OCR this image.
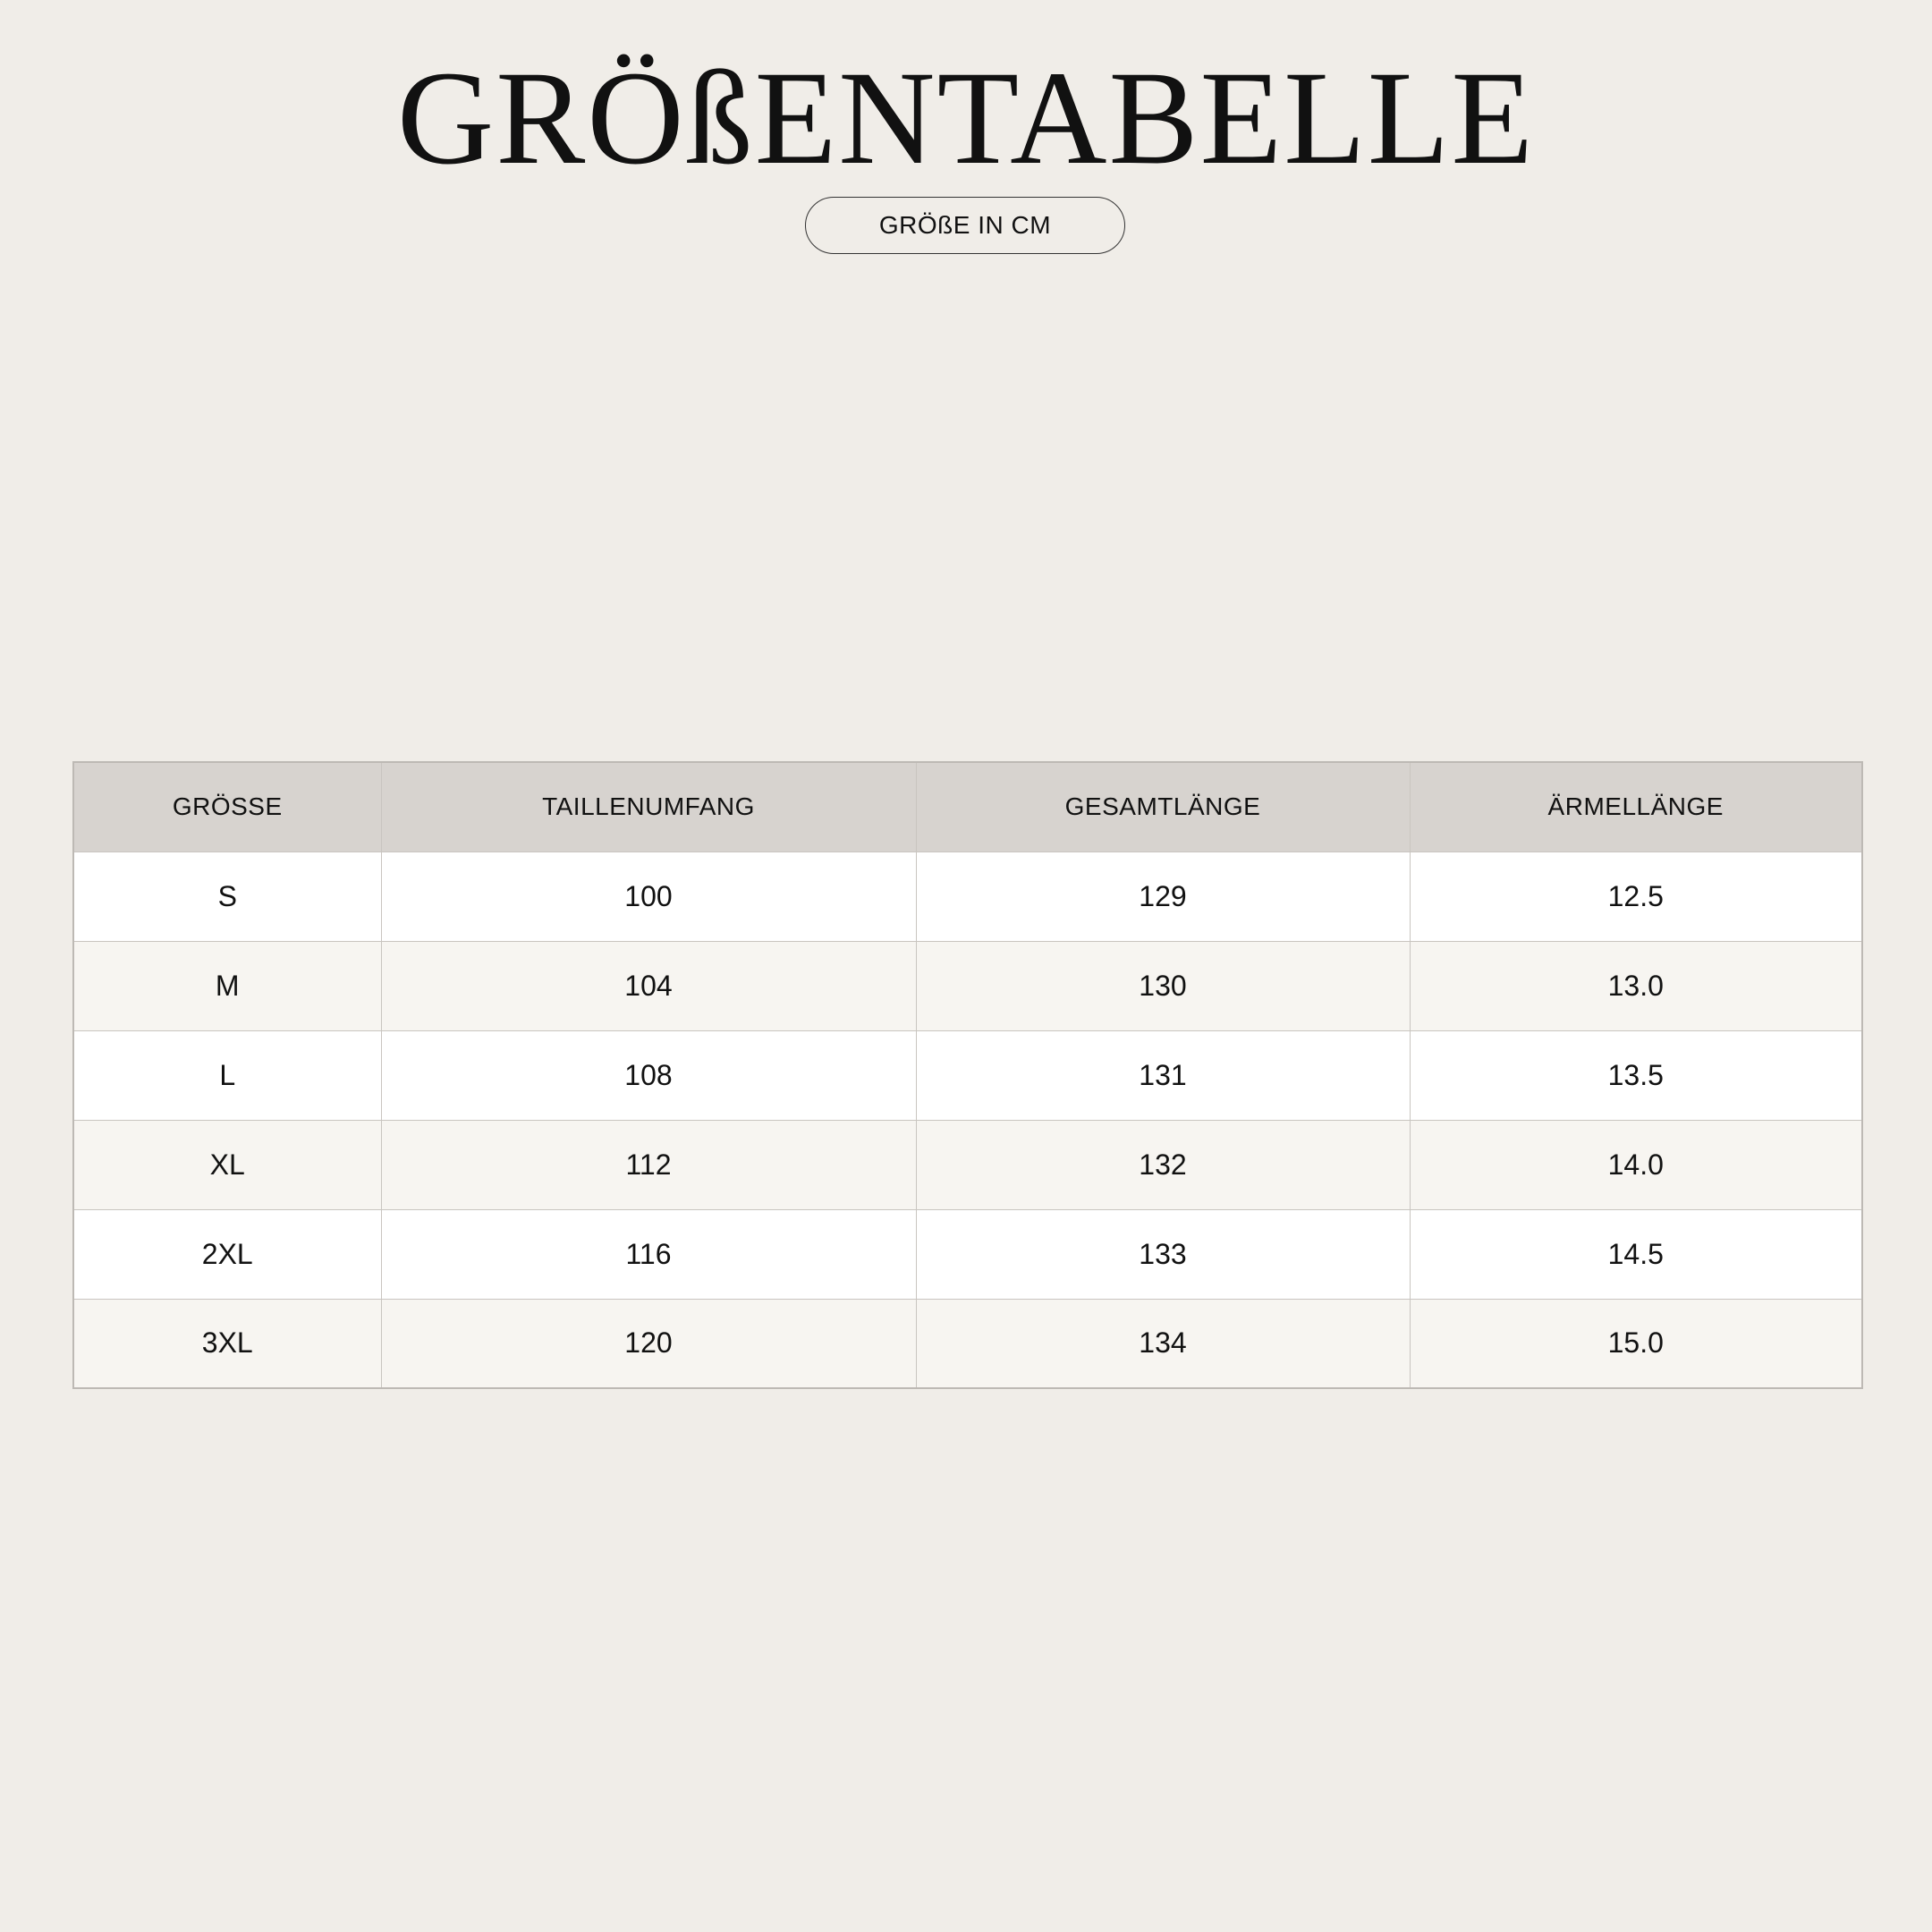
GRÖßENTABELLE
GRÖßE IN CM
GRÖSSE	TAILLENUMFANG	GESAMTLÄNGE	ÄRMELLÄNGE
S	100	129	12.5
M	104	130	13.0
L	108	131	13.5
XL	112	132	14.0
2XL	116	133	14.5
3XL	120	134	15.0
